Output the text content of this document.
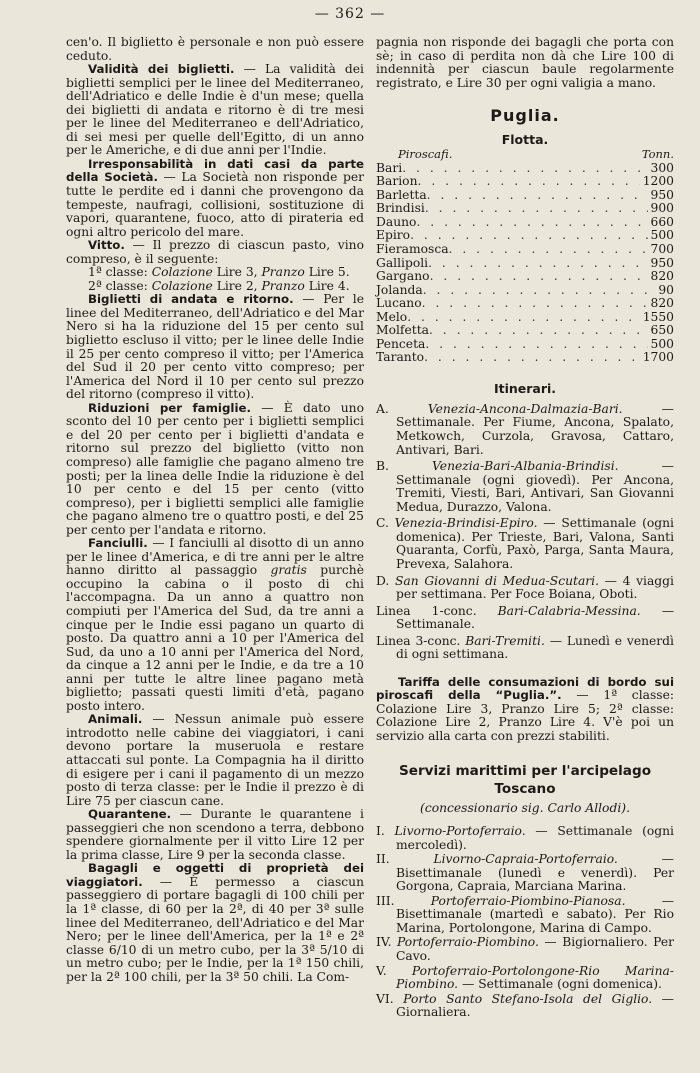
— 362 —

cen'o. Il biglietto è personale e non può essere ceduto.

Validità dei biglietti. — La validità dei biglietti semplici per le linee del Mediterraneo, dell'Adriatico e delle Indie è d'un mese; quella dei biglietti di andata e ritorno è di tre mesi per le linee del Mediterraneo e dell'Adriatico, di sei mesi per quelle dell'Egitto, di un anno per le Americhe, e di due anni per l'Indie.

Irresponsabilità in dati casi da parte della Società. — La Società non risponde per tutte le perdite ed i danni che provengono da tempeste, naufragi, collisioni, sostituzione di vapori, quarantene, fuoco, atto di pirateria ed ogni altro pericolo del mare.

Vitto. — Il prezzo di ciascun pasto, vino compreso, è il seguente:

1ª classe: Colazione Lire 3, Pranzo Lire 5.

2ª classe: Colazione Lire 2, Pranzo Lire 4.

Biglietti di andata e ritorno. — Per le linee del Mediterraneo, dell'Adriatico e del Mar Nero si ha la riduzione del 15 per cento sul biglietto escluso il vitto; per le linee delle Indie il 25 per cento compreso il vitto; per l'America del Sud il 20 per cento vitto compreso; per l'America del Nord il 10 per cento sul prezzo del ritorno (compreso il vitto).

Riduzioni per famiglie. — È dato uno sconto del 10 per cento per i biglietti semplici e del 20 per cento per i biglietti d'andata e ritorno sul prezzo del biglietto (vitto non compreso) alle famiglie che pagano almeno tre posti; per la linea delle Indie la riduzione è del 10 per cento e del 15 per cento (vitto compreso), per i biglietti semplici alle famiglie che pagano almeno tre o quattro posti, e del 25 per cento per l'andata e ritorno.

Fanciulli. — I fanciulli al disotto di un anno per le linee d'America, e di tre anni per le altre hanno diritto al passaggio gratis purchè occupino la cabina o il posto di chi l'accompagna. Da un anno a quattro non compiuti per l'America del Sud, da tre anni a cinque per le Indie essi pagano un quarto di posto. Da quattro anni a 10 per l'America del Sud, da uno a 10 anni per l'America del Nord, da cinque a 12 anni per le Indie, e da tre a 10 anni per tutte le altre linee pagano metà biglietto; passati questi limiti d'età, pagano posto intero.

Animali. — Nessun animale può essere introdotto nelle cabine dei viaggiatori, i cani devono portare la museruola e restare attaccati sul ponte. La Compagnia ha il diritto di esigere per i cani il pagamento di un mezzo posto di terza classe: per le Indie il prezzo è di Lire 75 per ciascun cane.

Quarantene. — Durante le quarantene i passeggieri che non scendono a terra, debbono spendere giornalmente per il vitto Lire 12 per la prima classe, Lire 9 per la seconda classe.

Bagagli e oggetti di proprietà dei viaggiatori. — È permesso a ciascun passeggiero di portare bagagli di 100 chili per la 1ª classe, di 60 per la 2ª, di 40 per 3ª sulle linee del Mediterraneo, dell'Adriatico e del Mar Nero; per le linee dell'America, per la 1ª e 2ª classe 6/10 di un metro cubo, per la 3ª 5/10 di un metro cubo; per le Indie, per la 1ª 150 chili, per la 2ª 100 chili, per la 3ª 50 chili. La Com-

pagnia non risponde dei bagagli che porta con sè; in caso di perdita non dà che Lire 100 di indennità per ciascun baule regolarmente registrato, e Lire 30 per ogni valigia a mano.

Puglia.
Flotta.
Piroscafi.	Tonn.
Bari . . .	300
Barion . . .	1200
Barletta . . .	950
Brindisi . . .	900
Dauno . . .	660
Epiro . . .	500
Fieramosca . . .	700
Gallipoli . . .	950
Gargano . . .	820
Jolanda . . .	90
Lucano . . .	820
Melo . . .	1550
Molfetta . . .	650
Penceta . . .	500
Taranto . . .	1700
Itinerari.

A.	Venezia-Ancona-Dalmazia-Bari. — Settimanale. Per Fiume, Ancona, Spalato, Metkowch, Curzola, Gravosa, Cattaro, Antivari, Bari.

B.	Venezia-Bari-Albania-Brindisi. — Settimanale (ogni giovedì). Per Ancona, Tremiti, Viesti, Bari, Antivari, San Giovanni Medua, Durazzo, Valona.

C. Venezia-Brindisi-Epiro. — Settimanale (ogni domenica). Per Trieste, Bari, Valona, Santi Quaranta, Corfù, Paxò, Parga, Santa Maura, Prevexa, Salahora.

D. San Giovanni di Medua-Scutari. — 4 viaggi per settimana. Per Foce Boiana, Oboti.

Linea 1-conc. Bari-Calabria-Messina. — Settimanale.

Linea 3-conc. Bari-Tremiti. — Lunedì e venerdì di ogni settimana.

Tariffa delle consumazioni di bordo sui piroscafi della “Puglia.”. — 1ª classe: Colazione Lire 3, Pranzo Lire 5; 2ª classe: Colazione Lire 2, Pranzo Lire 4. V'è poi un servizio alla carta con prezzi stabiliti.

Servizi marittimi per l'arcipelago Toscano
(concessionario sig. Carlo Allodi).

I. Livorno-Portoferraio. — Settimanale (ogni mercoledì).

II.	Livorno-Capraia-Portoferraio. — Bisettimanale (lunedì e venerdì). Per Gorgona, Capraia, Marciana Marina.

III.	Portoferraio-Piombino-Pianosa. — Bisettimanale (martedì e sabato). Per Rio Marina, Portolongone, Marina di Campo.

IV. Portoferraio-Piombino. — Bigiornaliero. Per Cavo.

V. Portoferraio-Portolongone-Rio Marina-Piombino. — Settimanale (ogni domenica).

VI. Porto Santo Stefano-Isola del Giglio. — Giornaliera.
